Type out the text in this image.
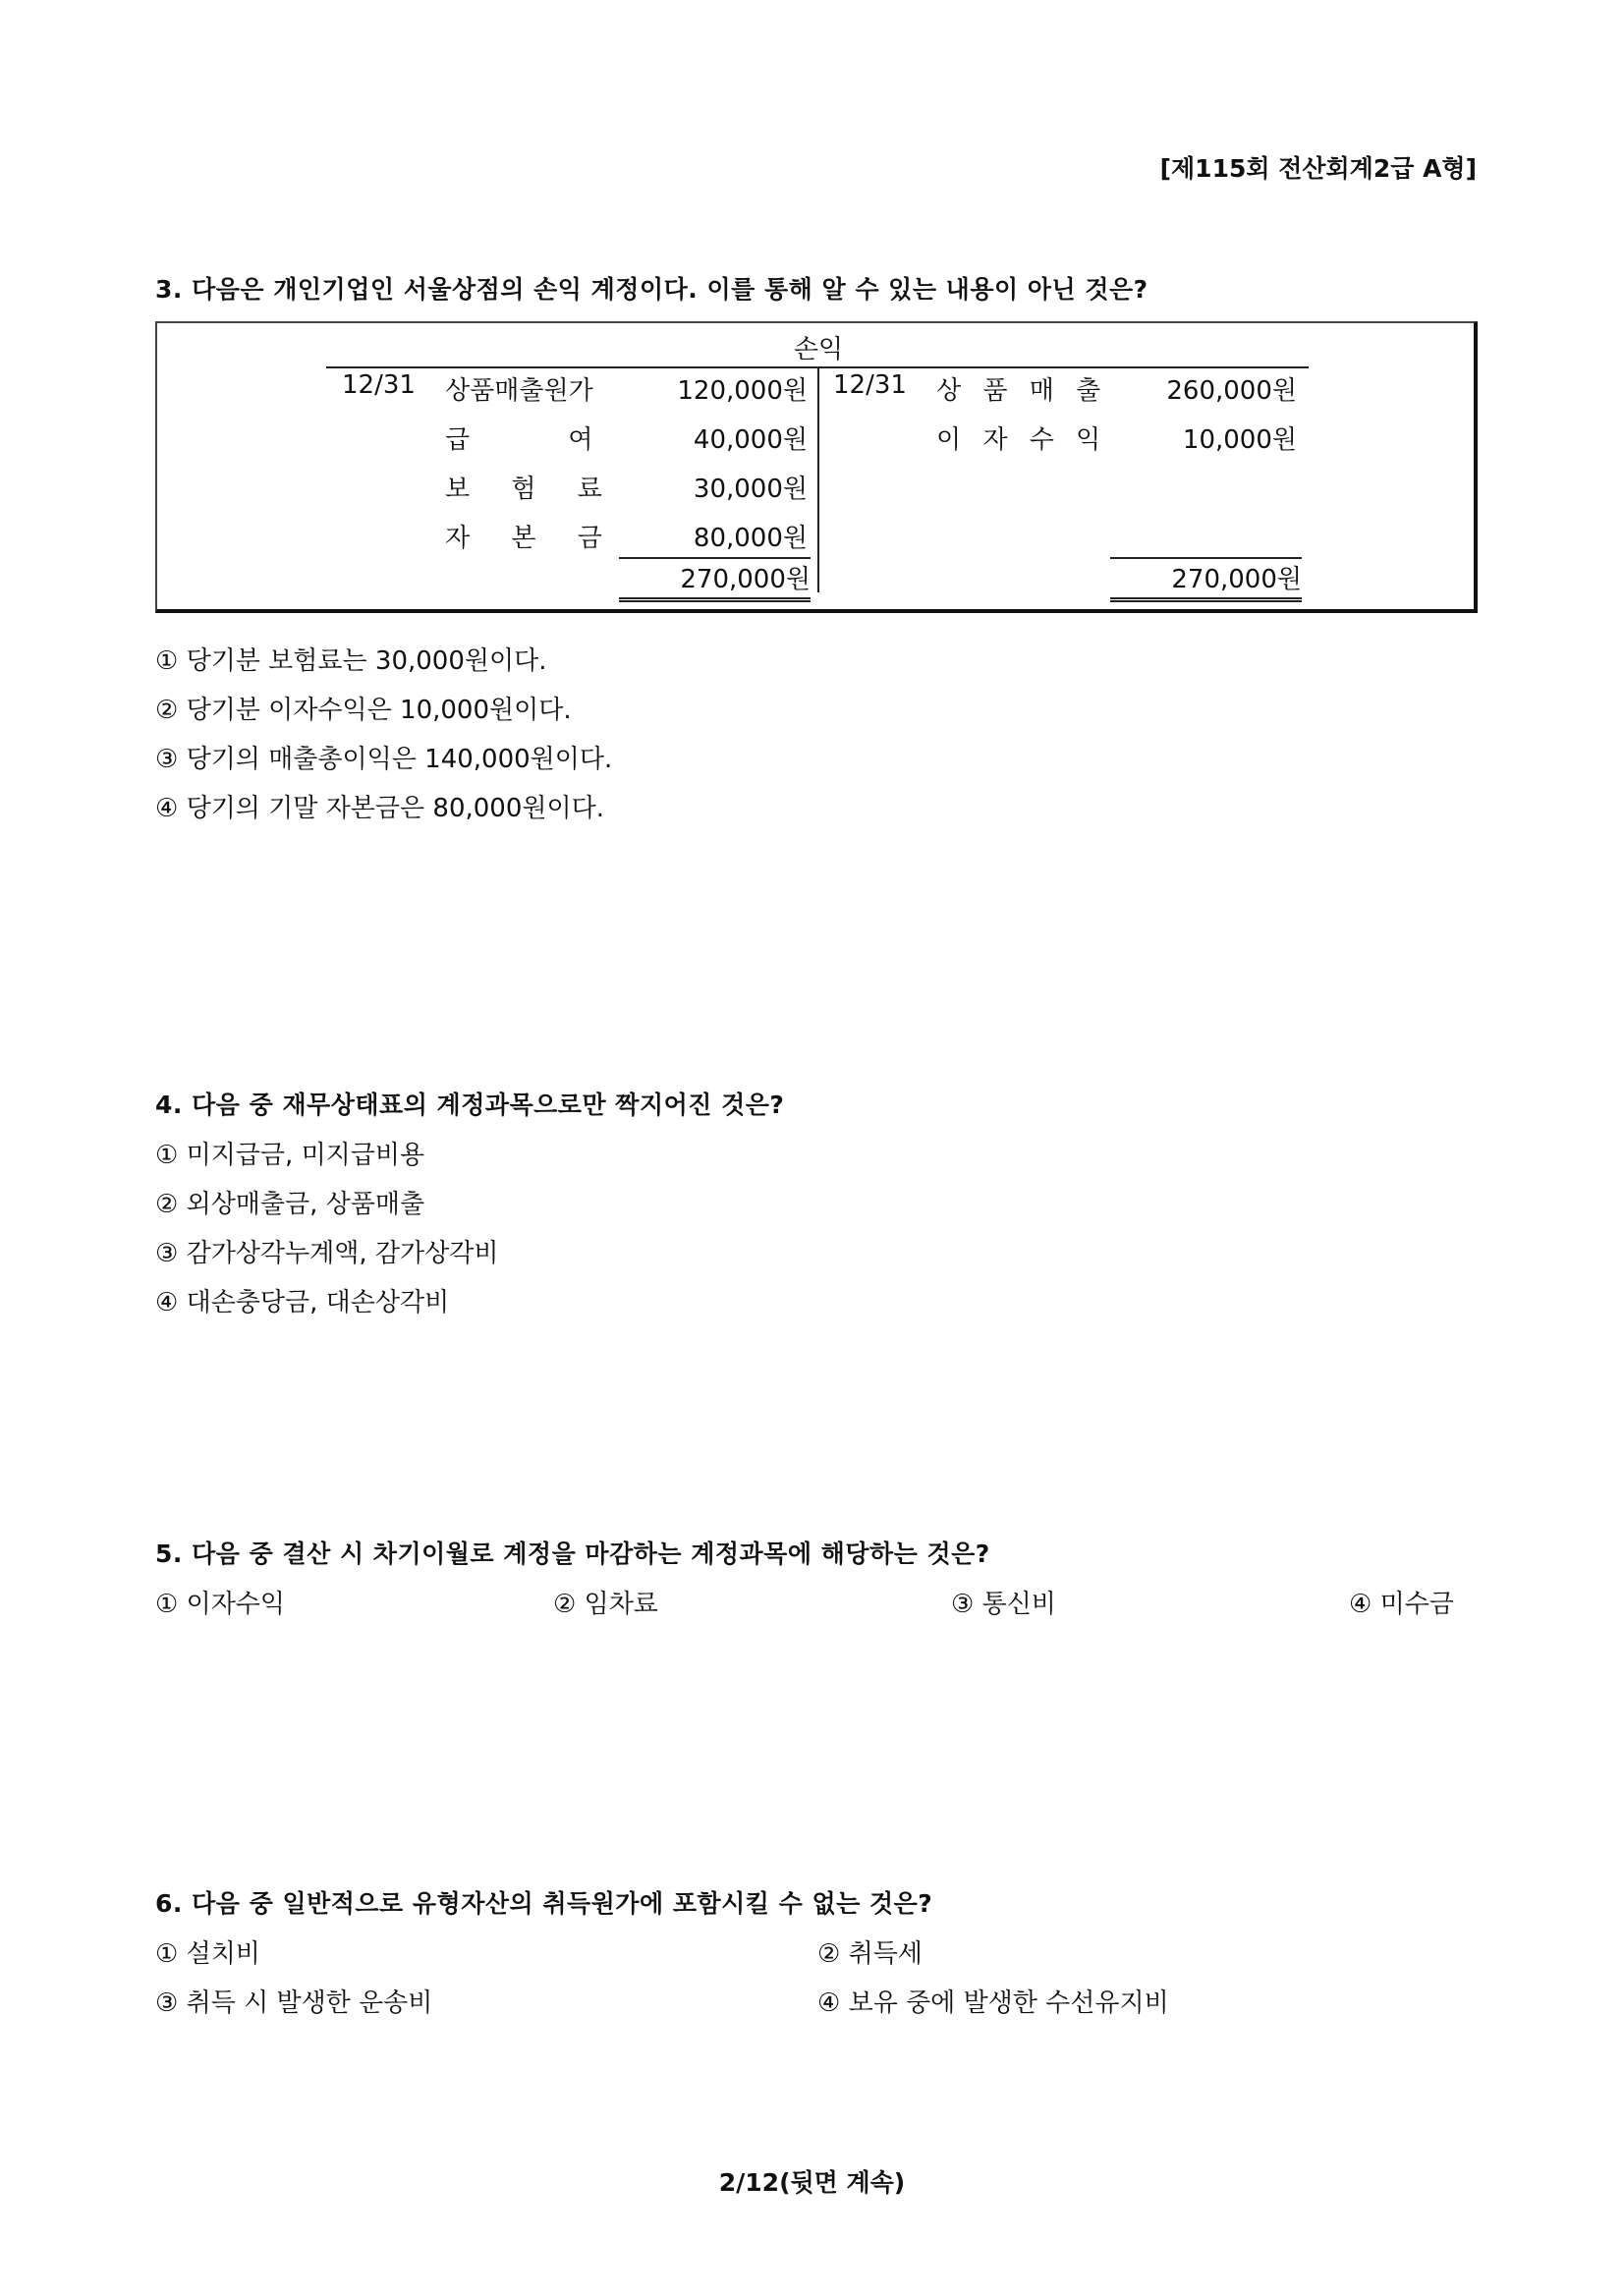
[제115회 전산회계2급 A형]
3. 다음은 개인기업인 서울상점의 손익 계정이다. 이를 통해 알 수 있는 내용이 아닌 것은?
손익
12/31 상품매출원가	120,000원
급 여	40,000원
보 험 료	30,000원
자 본 금	80,000원
270,000원
12/31 상 품 매 출	260,000원
이 자 수 익	10,000원
270,000원
① 당기분 보험료는 30,000원이다.
② 당기분 이자수익은 10,000원이다.
③ 당기의 매출총이익은 140,000원이다.
④ 당기의 기말 자본금은 80,000원이다.
4. 다음 중 재무상태표의 계정과목으로만 짝지어진 것은?
① 미지급금, 미지급비용
② 외상매출금, 상품매출
③ 감가상각누계액, 감가상각비
④ 대손충당금, 대손상각비
5. 다음 중 결산 시 차기이월로 계정을 마감하는 계정과목에 해당하는 것은?
① 이자수익	② 임차료	③ 통신비	④ 미수금
6. 다음 중 일반적으로 유형자산의 취득원가에 포함시킬 수 없는 것은?
① 설치비	② 취득세
③ 취득 시 발생한 운송비	④ 보유 중에 발생한 수선유지비
2/12(뒷면 계속)
